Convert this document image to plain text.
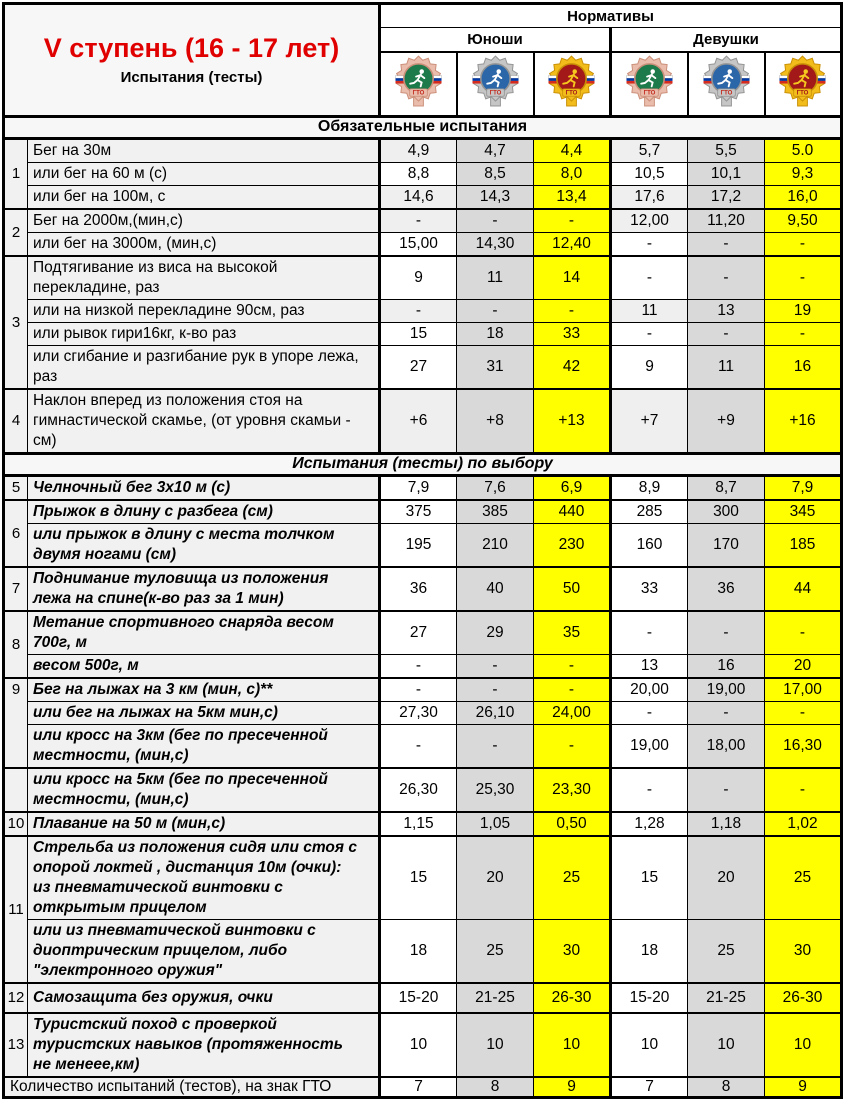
V ступень (16 - 17 лет)
Испытания (тесты)		Нормативы					
		Юноши			Девушки		

ГТО	ГТО	ГТО	ГТО	ГТО	ГТО

Обязательные испытания							
1	Бег на 30м	4,9	4,7	4,4	5,7	5,5	5.0
	или бег на 60 м (с)	8,8	8,5	8,0	10,5	10,1	9,3
	или бег на 100м, с	14,6	14,3	13,4	17,6	17,2	16,0
2	Бег на 2000м,(мин,с)	-	-	-	12,00	11,20	9,50
	или бег на 3000м, (мин,с)	15,00	14,30	12,40	-	-	-
3	Подтягивание из виса на высокой перекладине, раз	9	11	14	-	-	-
	или на низкой перекладине 90см, раз	-	-	-	11	13	19
	или рывок гири16кг, к-во раз	15	18	33	-	-	-
	или сгибание и разгибание рук в упоре лежа, раз	27	31	42	9	11	16
4	Наклон вперед из положения стоя на гимнастической скамье, (от уровня скамьи - см)	+6	+8	+13	+7	+9	+16
Испытания (тесты) по выбору							
5	Челночный бег 3х10 м (с)	7,9	7,6	6,9	8,9	8,7	7,9
6	Прыжок в длину с разбега (см)	375	385	440	285	300	345
	или прыжок в длину с места толчком двумя ногами (см)	195	210	230	160	170	185
7	Поднимание туловища из положения лежа на спине(к-во раз за 1 мин)	36	40	50	33	36	44
8	Метание спортивного снаряда весом 700г, м	27	29	35	-	-	-
	весом 500г, м	-	-	-	13	16	20
9	Бег на лыжах на 3 км (мин, с)**	-	-	-	20,00	19,00	17,00
	или бег на лыжах на 5км мин,с)	27,30	26,10	24,00	-	-	-
	или кросс на 3км (бег по пресеченной местности, (мин,с)	-	-	-	19,00	18,00	16,30
	или кросс на 5км (бег по пресеченной местности, (мин,с)	26,30	25,30	23,30	-	-	-
10	Плавание на 50 м (мин,с)	1,15	1,05	0,50	1,28	1,18	1,02
11	Стрельба из положения сидя или стоя с опорой локтей , дистанция 10м (очки): из пневматической винтовки с открытым прицелом	15	20	25	15	20	25
	или из пневматической винтовки с диоптрическим прицелом, либо "электронного оружия"	18	25	30	18	25	30
12	Самозащита без оружия, очки	15-20	21-25	26-30	15-20	21-25	26-30
13	Туристский поход с проверкой туристских навыков (протяженность не менеее,км)	10	10	10	10	10	10
Количество испытаний (тестов), на знак ГТО		7	8	9	7	8	9
